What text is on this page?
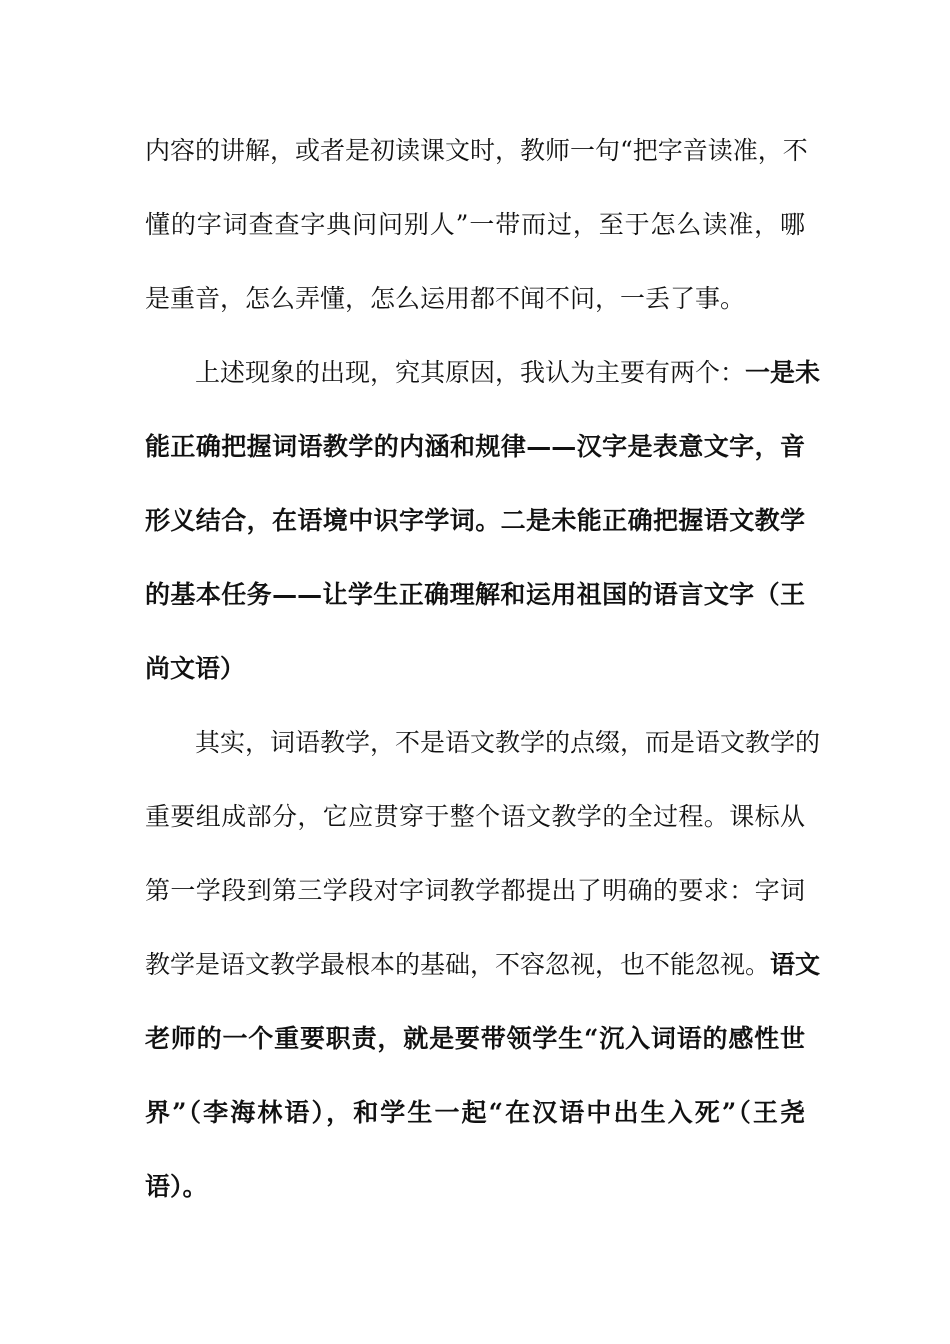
内容的讲解，或者是初读课文时，教师一句“把字音读准，不
懂的字词查查字典问问别人”一带而过，至于怎么读准，哪
是重音，怎么弄懂，怎么运用都不闻不问，一丢了事。
上述现象的出现，究其原因，我认为主要有两个：一是未
能正确把握词语教学的内涵和规律——汉字是表意文字，音
形义结合，在语境中识字学词。二是未能正确把握语文教学
的基本任务——让学生正确理解和运用祖国的语言文字（王
尚文语）
其实，词语教学，不是语文教学的点缀，而是语文教学的
重要组成部分，它应贯穿于整个语文教学的全过程。课标从
第一学段到第三学段对字词教学都提出了明确的要求：字词
教学是语文教学最根本的基础，不容忽视，也不能忽视。语文
老师的一个重要职责，就是要带领学生“沉入词语的感性世
界”（李海林语），和学生一起“在汉语中出生入死”（王尧
语）。
